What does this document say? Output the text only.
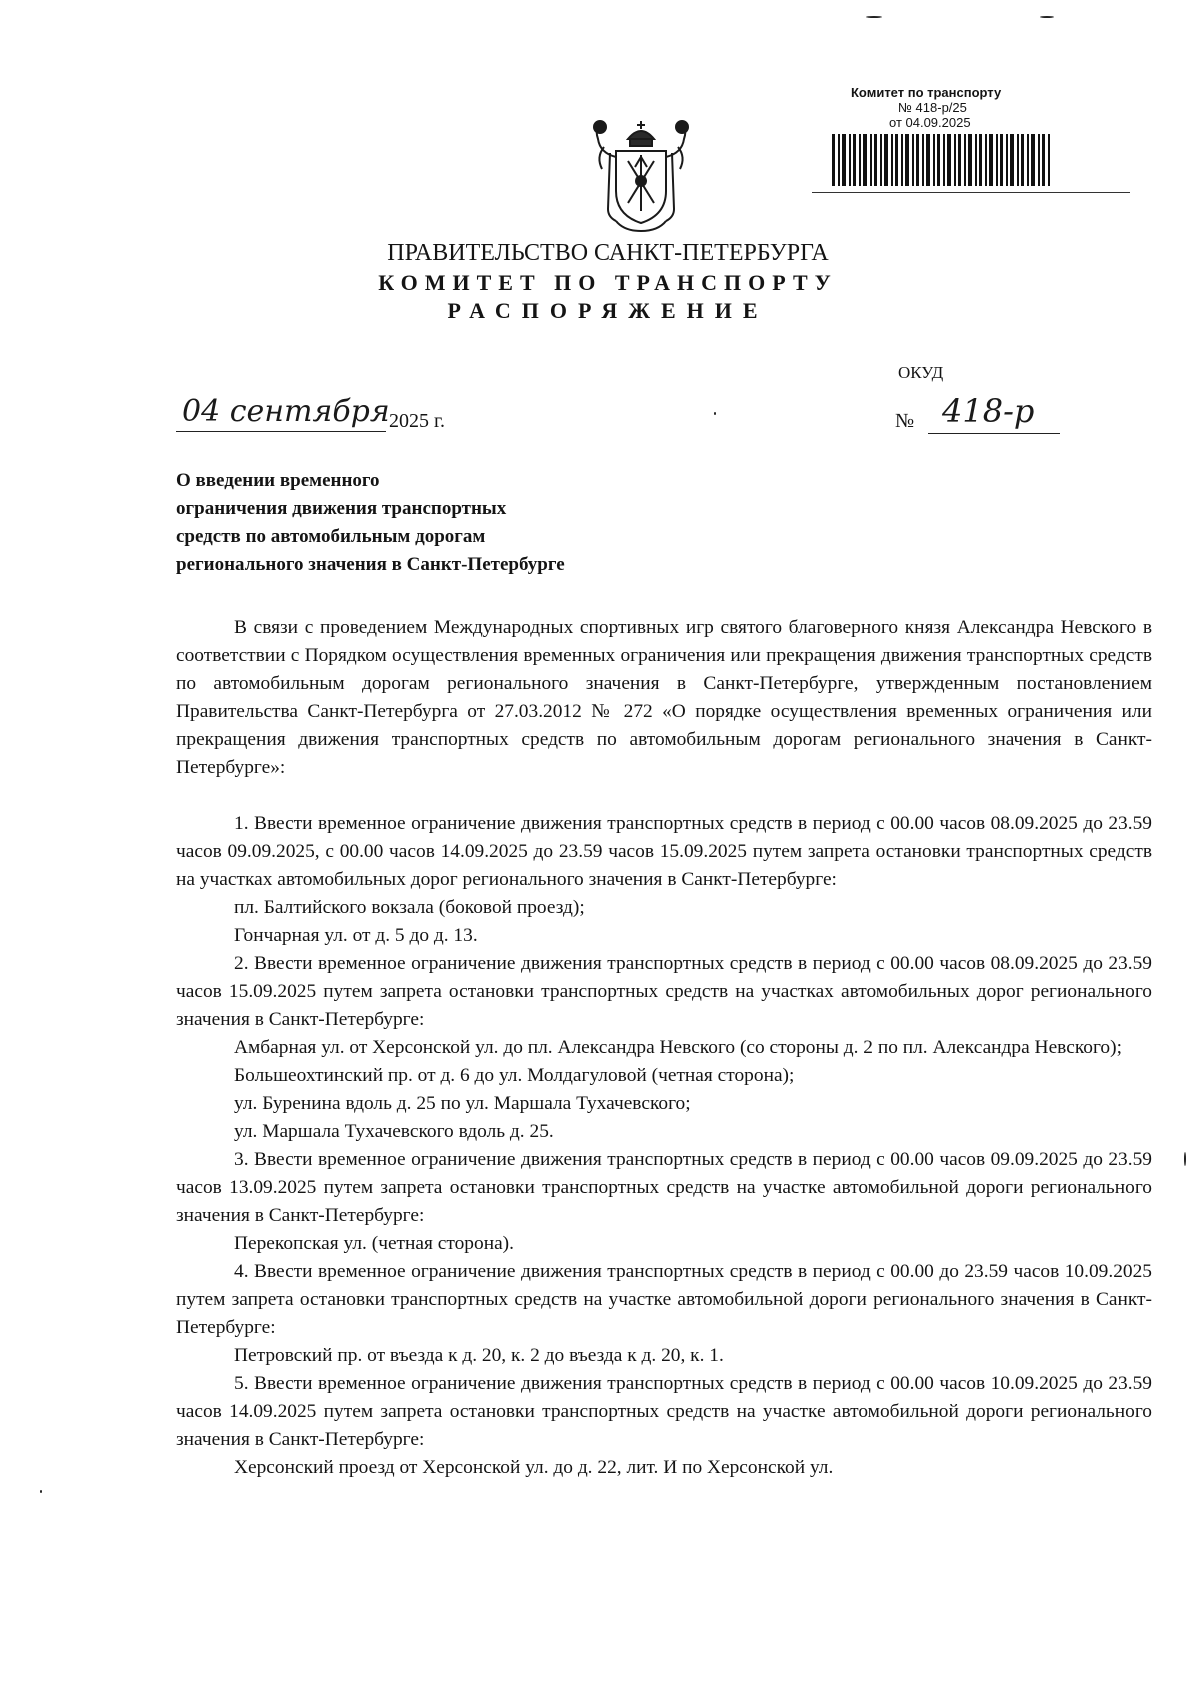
Комитет по транспорту
№ 418-р/25
от 04.09.2025
ПРАВИТЕЛЬСТВО САНКТ-ПЕТЕРБУРГА
КОМИТЕТ ПО ТРАНСПОРТУ
РАСПОРЯЖЕНИЕ
ОКУД
04 сентября 2025 г.	№ 418-р
О введении временного
ограничения движения транспортных
средств по автомобильным дорогам
регионального значения в Санкт-Петербурге

В связи с проведением Международных спортивных игр святого благоверного князя Александра Невского в соответствии с Порядком осуществления временных ограничения или прекращения движения транспортных средств по автомобильным дорогам регионального значения в Санкт-Петербурге, утвержденным постановлением Правительства Санкт-Петербурга от 27.03.2012 № 272 «О порядке осуществления временных ограничения или прекращения движения транспортных средств по автомобильным дорогам регионального значения в Санкт-Петербурге»:

1. Ввести временное ограничение движения транспортных средств в период с 00.00 часов 08.09.2025 до 23.59 часов 09.09.2025, с 00.00 часов 14.09.2025 до 23.59 часов 15.09.2025 путем запрета остановки транспортных средств на участках автомобильных дорог регионального значения в Санкт-Петербурге:

пл. Балтийского вокзала (боковой проезд);

Гончарная ул. от д. 5 до д. 13.

2. Ввести временное ограничение движения транспортных средств в период с 00.00 часов 08.09.2025 до 23.59 часов 15.09.2025 путем запрета остановки транспортных средств на участках автомобильных дорог регионального значения в Санкт-Петербурге:

Амбарная ул. от Херсонской ул. до пл. Александра Невского (со стороны д. 2 по пл. Александра Невского);

Большеохтинский пр. от д. 6 до ул. Молдагуловой (четная сторона);

ул. Буренина вдоль д. 25 по ул. Маршала Тухачевского;

ул. Маршала Тухачевского вдоль д. 25.

3. Ввести временное ограничение движения транспортных средств в период с 00.00 часов 09.09.2025 до 23.59 часов 13.09.2025 путем запрета остановки транспортных средств на участке автомобильной дороги регионального значения в Санкт-Петербурге:

Перекопская ул. (четная сторона).

4. Ввести временное ограничение движения транспортных средств в период с 00.00 до 23.59 часов 10.09.2025 путем запрета остановки транспортных средств на участке автомобильной дороги регионального значения в Санкт-Петербурге:

Петровский пр. от въезда к д. 20, к. 2 до въезда к д. 20, к. 1.

5. Ввести временное ограничение движения транспортных средств в период с 00.00 часов 10.09.2025 до 23.59 часов 14.09.2025 путем запрета остановки транспортных средств на участке автомобильной дороги регионального значения в Санкт-Петербурге:

Херсонский проезд от Херсонской ул. до д. 22, лит. И по Херсонской ул.
